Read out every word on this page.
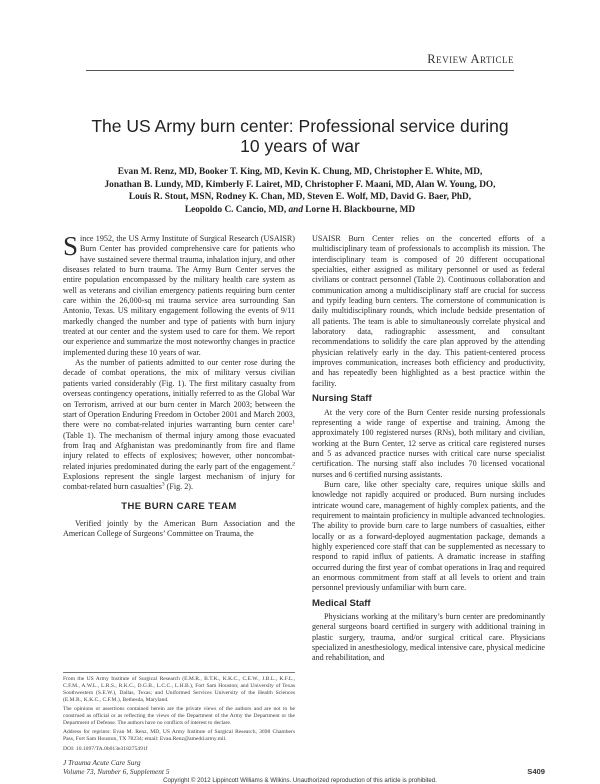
Review Article
The US Army burn center: Professional service during
10 years of war
Evan M. Renz, MD, Booker T. King, MD, Kevin K. Chung, MD, Christopher E. White, MD,
Jonathan B. Lundy, MD, Kimberly F. Lairet, MD, Christopher F. Maani, MD, Alan W. Young, DO,
Louis R. Stout, MSN, Rodney K. Chan, MD, Steven E. Wolf, MD, David G. Baer, PhD,
Leopoldo C. Cancio, MD, and Lorne H. Blackbourne, MD

Since 1952, the US Army Institute of Surgical Research (USAISR) Burn Center has provided comprehensive care for patients who have sustained severe thermal trauma, inhalation injury, and other diseases related to burn trauma. The Army Burn Center serves the entire population encompassed by the military health care system as well as veterans and civilian emergency patients requiring burn center care within the 26,000-sq mi trauma service area surrounding San Antonio, Texas. US military engagement following the events of 9/11 markedly changed the number and type of patients with burn injury treated at our center and the system used to care for them. We report our experience and summarize the most noteworthy changes in practice implemented during these 10 years of war.

As the number of patients admitted to our center rose during the decade of combat operations, the mix of military versus civilian patients varied considerably (Fig. 1). The first military casualty from overseas contingency operations, initially referred to as the Global War on Terrorism, arrived at our burn center in March 2003; between the start of Operation Enduring Freedom in October 2001 and March 2003, there were no combat-related injuries warranting burn center care$^1$ (Table 1). The mechanism of thermal injury among those evacuated from Iraq and Afghanistan was predominantly from fire and flame injury related to effects of explosives; however, other noncombat-related injuries predominated during the early part of the engagement.$^2$ Explosions represent the single largest mechanism of injury for combat-related burn casualties$^3$ (Fig. 2).

THE BURN CARE TEAM

Verified jointly by the American Burn Association and the American College of Surgeons’ Committee on Trauma, the

USAISR Burn Center relies on the concerted efforts of a multidisciplinary team of professionals to accomplish its mission. The interdisciplinary team is composed of 20 different occupational specialties, either assigned as military personnel or used as federal civilians or contract personnel (Table 2). Continuous collaboration and communication among a multidisciplinary staff are crucial for success and typify leading burn centers. The cornerstone of communication is daily multidisciplinary rounds, which include bedside presentation of all patients. The team is able to simultaneously correlate physical and laboratory data, radiographic assessment, and consultant recommendations to solidify the care plan approved by the attending physician relatively early in the day. This patient-centered process improves communication, increases both efficiency and productivity, and has repeatedly been highlighted as a best practice within the facility.

Nursing Staff

At the very core of the Burn Center reside nursing professionals representing a wide range of expertise and training. Among the approximately 100 registered nurses (RNs), both military and civilian, working at the Burn Center, 12 serve as critical care registered nurses and 5 as advanced practice nurses with critical care nurse specialist certification. The nursing staff also includes 70 licensed vocational nurses and 6 certified nursing assistants.

Burn care, like other specialty care, requires unique skills and knowledge not rapidly acquired or produced. Burn nursing includes intricate wound care, management of highly complex patients, and the requirement to maintain proficiency in multiple advanced technologies. The ability to provide burn care to large numbers of casualties, either locally or as a forward-deployed augmentation package, demands a highly experienced core staff that can be supplemented as necessary to respond to rapid influx of patients. A dramatic increase in staffing occurred during the first year of combat operations in Iraq and required an enormous commitment from staff at all levels to orient and train personnel previously unfamiliar with burn care.

Medical Staff

Physicians working at the military’s burn center are predominantly general surgeons board certified in surgery with additional training in plastic surgery, trauma, and/or surgical critical care. Physicians specialized in anesthesiology, medical intensive care, physical medicine and rehabilitation, and

From the US Army Institute of Surgical Research (E.M.R., B.T.K., K.K.C., C.E.W., J.B.L., K.F.L., C.F.M., A.W.L., L.R.S., R.K.C., D.G.B., L.C.C., L.H.B.), Fort Sam Houston; and University of Texas Southwestern (S.E.W.), Dallas, Texas; and Uniformed Services University of the Health Sciences (E.M.R., K.K.C., C.F.M.), Bethesda, Maryland.

The opinions or assertions contained herein are the private views of the authors and are not to be construed as official or as reflecting the views of the Department of the Army the Department or the Department of Defense. The authors have no conflicts of interest to declare.

Address for reprints: Evan M. Renz, MD, US Army Institute of Surgical Research, 3698 Chambers Pass, Fort Sam Houston, TX 78234; email: Evan.Renz@amedd.army.mil.

DOI: 10.1097/TA.0b013e318275491f
J Trauma Acute Care Surg
Volume 73, Number 6, Supplement 5	S409
Copyright © 2012 Lippincott Williams & Wilkins. Unauthorized reproduction of this article is prohibited.
